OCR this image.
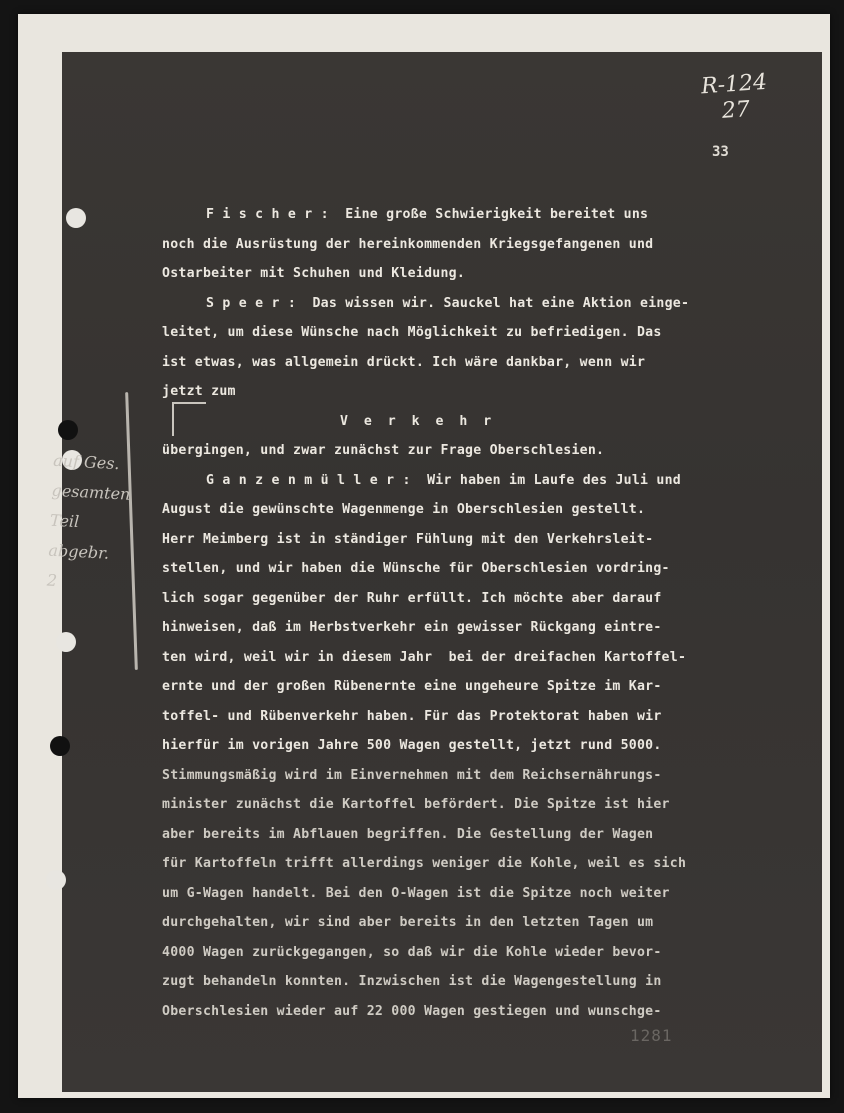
R-124 27
33
auf Ges.
gesamten
Teil
abgebr.
2
F i s c h e r :  Eine große Schwierigkeit bereitet uns
noch die Ausrüstung der hereinkommenden Kriegsgefangenen und
Ostarbeiter mit Schuhen und Kleidung.
S p e e r :  Das wissen wir. Sauckel hat eine Aktion einge-
leitet, um diese Wünsche nach Möglichkeit zu befriedigen. Das
ist etwas, was allgemein drückt. Ich wäre dankbar, wenn wir
jetzt zum
V e r k e h r
übergingen, und zwar zunächst zur Frage Oberschlesien.
G a n z e n m ü l l e r :  Wir haben im Laufe des Juli und
August die gewünschte Wagenmenge in Oberschlesien gestellt.
Herr Meimberg ist in ständiger Fühlung mit den Verkehrsleit-
stellen, und wir haben die Wünsche für Oberschlesien vordring-
lich sogar gegenüber der Ruhr erfüllt. Ich möchte aber darauf
hinweisen, daß im Herbstverkehr ein gewisser Rückgang eintre-
ten wird, weil wir in diesem Jahr  bei der dreifachen Kartoffel-
ernte und der großen Rübenernte eine ungeheure Spitze im Kar-
toffel- und Rübenverkehr haben. Für das Protektorat haben wir
hierfür im vorigen Jahre 500 Wagen gestellt, jetzt rund 5000.
Stimmungsmäßig wird im Einvernehmen mit dem Reichsernährungs-
minister zunächst die Kartoffel befördert. Die Spitze ist hier
aber bereits im Abflauen begriffen. Die Gestellung der Wagen
für Kartoffeln trifft allerdings weniger die Kohle, weil es sich
um G-Wagen handelt. Bei den O-Wagen ist die Spitze noch weiter
durchgehalten, wir sind aber bereits in den letzten Tagen um
4000 Wagen zurückgegangen, so daß wir die Kohle wieder bevor-
zugt behandeln konnten. Inzwischen ist die Wagengestellung in
Oberschlesien wieder auf 22 000 Wagen gestiegen und wunschge-
1281
